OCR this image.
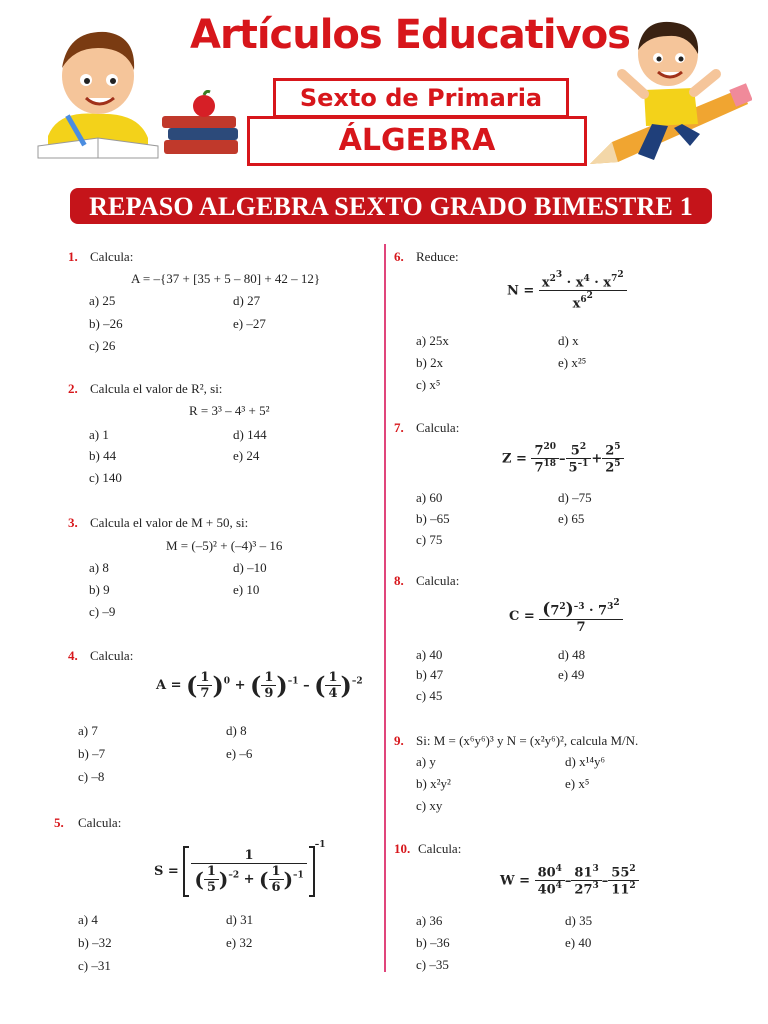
Artículos Educativos
Sexto de Primaria
ÁLGEBRA
REPASO ALGEBRA SEXTO GRADO BIMESTRE 1
1. Calcula:
A = –{37 + [35 + 5 – 80] + 42 – 12}
a) 25	d) 27
b) –26	e) –27
c) 26
2. Calcula el valor de R², si:
R = 3³ – 4³ + 5²
a) 1	d) 144
b) 44	e) 24
c) 140
3. Calcula el valor de M + 50, si:
M = (–5)² + (–4)³ – 16
a) 8	d) –10
b) 9	e) 10
c) –9
4. Calcula:
A = ( $\frac{1}{7} )^0$ + ( $\frac{1}{9} )^{-1}$ – ( $\frac{1}{4} )^{-2}$
a) 7	d) 8
b) –7	e) –6
c) –8
5. Calcula:
$S = \frac{1}{( \frac{1}{5} )^{-2} + ( \frac{1}{6} )^{-1}}$
$^{-1}$
a) 4	d) 31
b) –32	e) 32
c) –31
6. Reduce:
$N = \frac{x^{2^3} \cdot x^4 \cdot x^{7^2}}{x^{6^2}}$
a) 25x	d) x
b) 2x	e) x²⁵
c) x⁵
7. Calcula:
$Z = \frac{7^{20}}{7^{18}} - \frac{5^2}{5^{-1}} + \frac{2^5}{2^5}$
a) 60	d) –75
b) –65	e) 65
c) 75
8. Calcula:
$C = \frac{(7^2)^{-3} \cdot 7^{3^2}}{7}$
a) 40	d) 48
b) 47	e) 49
c) 45
9. Si: M = (x⁶y⁶)³ y N = (x²y⁶)², calcula M/N.
a) y	d) x¹⁴y⁶
b) x²y²	e) x⁵
c) xy
10. Calcula:
$W = \frac{80^4}{40^4} - \frac{81^3}{27^3} - \frac{55^2}{11^2}$
a) 36	d) 35
b) –36	e) 40
c) –35
